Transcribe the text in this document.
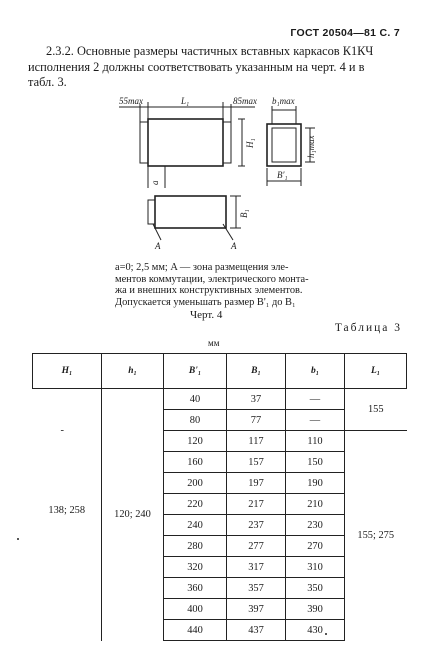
ГОСТ 20504—81 С. 7
2.3.2. Основные размеры частичных вставных каркасов К1КЧ
исполнения 2 должны соответствовать указанным на черт. 4 и в
табл. 3.
55max	L₁	85max b₁max
H₁	h₁max
B'₁
a
B₁
A	A
a=0; 2,5 мм; A — зона размещения эле-
ментов коммутации, электрического монта-
жа и внешних конструктивных элементов.
Допускается уменьшать размер B'₁ до B₁
Черт. 4
Таблица 3
мм
H₁	h₁	B'₁	B₁	b₁	L₁

-
138; 258	120; 240	40	37	—	155
		80	77	—	
		120	117	110	155; 275
		160	157	150	
		200	197	190	
		220	217	210	
		240	237	230	
		280	277	270	
		320	317	310	
		360	357	350	
		400	397	390	
		440	437	430	
